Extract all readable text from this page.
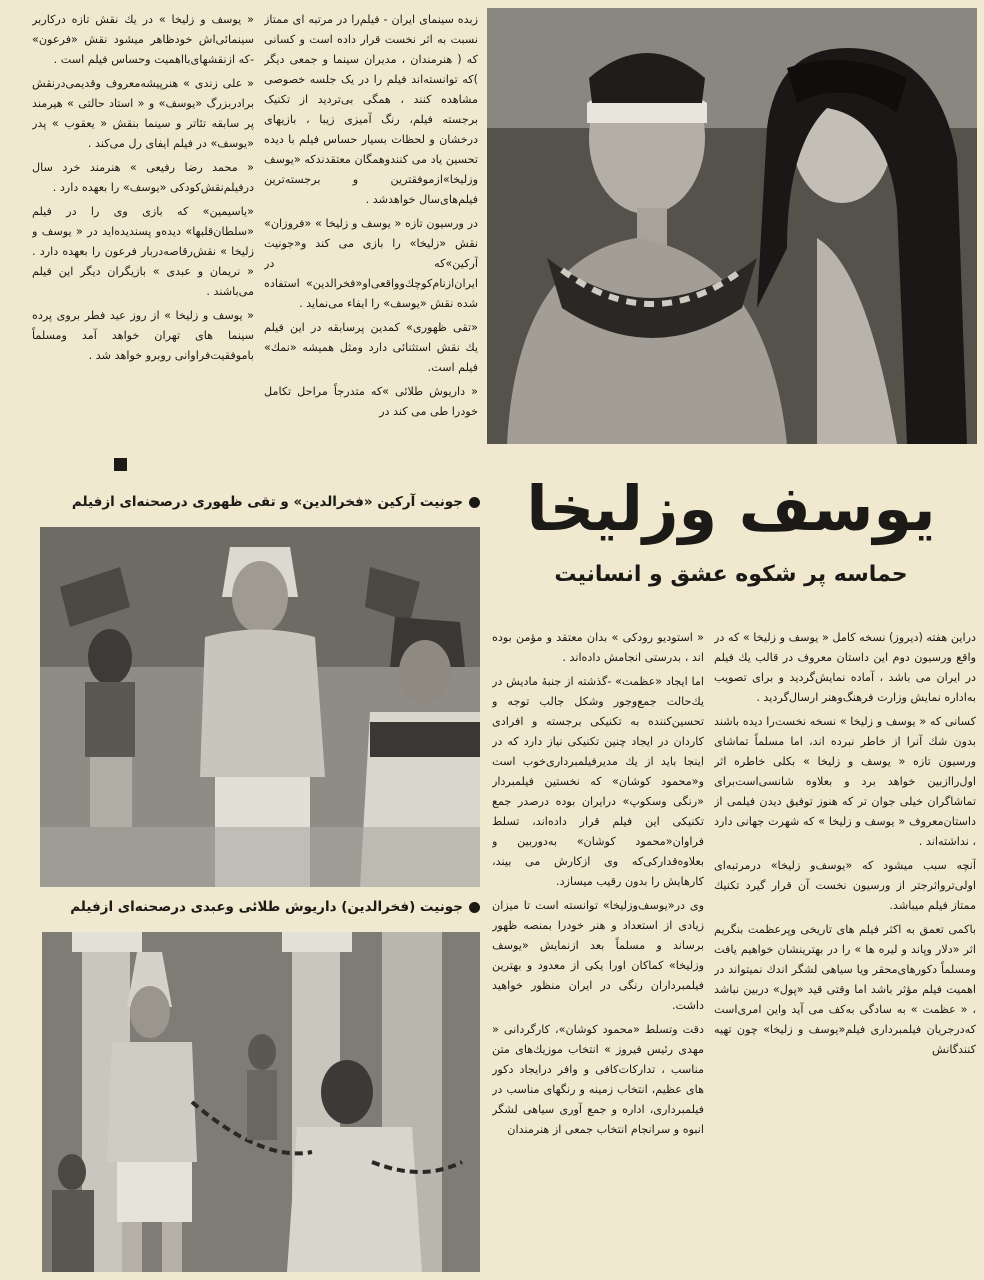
زبده سینمای ایران - فیلم‌را در مرتبه ای ممتاز نسبت به اثر نخست قرار داده است و کسانی که ( هنرمندان ، مدیران سینما و جمعی دیگر )که توانسته‌اند فیلم را در یک جلسه خصوصی مشاهده کنند ، همگی بی‌تردید از تکنیک برجسته فیلم، رنگ آمیزی زیبا ، بازیهای درخشان و لحظات بسیار حساس فیلم با دیده تحسین یاد می کنندوهمگان معتقدند‌که «یوسف وزلیخا»ازموفقترین و برجسته‌ترین فیلم‌های‌سال خواهدشد .

در ورسیون تازه « یوسف و زلیخا » «فروزان» نقش «زلیخا» را بازی می کند و«جونیت آرکین»که در ایران‌ازنام‌کوچك‌وواقعی‌او«فخرالدین» استفاده شده نقش «یوسف» را ایفاء می‌نماید .

«تقی ظهوری» کمدین پرسابقه در این فیلم یك نقش استثنائی دارد ومثل همیشه «نمك» فیلم است.

« داریوش طلائی »که متدرجاً مراحل تکامل خودرا طی می کند در

« یوسف و زلیخا » در یك نقش تازه دركاربر سینمائی‌اش خودظاهر میشود نقش «فرعون» -كه ازنقشهای‌با‌اهمیت وحساس فیلم است .

« علی زندی » هنرپیشه‌معروف وقدیمی‌در‌نقش برادربزرگ «یوسف» و « استاد حالتی » هیرمند پر سابقه تئاتر و سینما بنقش « یعقوب » پدر «یوسف» در فیلم ایفای رل می‌کند .

« محمد رضا رفیعی » هنرمند خرد سال درفیلم‌نقش‌کودکی «یوسف» را بعهده دارد .

«یاسیمین» که بازی وی را در فیلم «سلطان‌قلبها» دیده‌و پسندیده‌اید در « یوسف و زلیخا » نقش‌رقاصه‌دربار فرعون را بعهده دارد . « نریمان و عبدی » بازیگران دیگر این فیلم می‌باشند .

« یوسف و زلیخا » از روز عید فطر بروی پرده سینما های تهران خواهد آمد ومسلماً باموفقیت‌فراوانی روبرو خواهد شد .

یوسف وزلیخا
حماسه پر شکوه عشق و انسانیت
جونیت آرکین «فخرالدین» و تقی ظهوری درصحنه‌ای ازفیلم
جونیت (فخرالدین) داریوش طلائی وعبدی درصحنه‌ای ازفیلم

دراین هفته (دیروز) نسخه کامل « یوسف و زلیخا » که در واقع ورسیون دوم این داستان معروف در قالب یك فیلم در ایران می باشد ، آماده نمایش‌گردید و برای تصویب به‌اداره نمایش وزارت فرهنگ‌و‌هنر ارسال‌گردید .

کسانی که « یوسف و زلیخا » نسخه نخست‌را دیده باشند بدون شك آنرا از خاطر نبرده اند، اما مسلماً تماشای ورسیون تازه « یوسف و زلیخا » بکلی خاطره اثر اول‌را‌ازبین خواهد برد و بعلاوه شانسی‌است‌برای تماشاگران خیلی جوان تر که هنوز توفیق دیدن فیلمی از داستان‌معروف « یوسف و زلیخا » که شهرت جهانی دارد ، نداشته‌اند .

آنچه سبب میشود که «یوسف‌و زلیخا» درمرتبه‌ای اولی‌ترواثرجتر از ورسیون نخست آن قرار گیرد تکنیك ممتاز فیلم میباشد.

باکمی تعمق به اکثر فیلم های تاریخی وپرعظمت بنگریم اثر «دلار وپاند و لیره ها » را در بهترینشان خواهیم یافت ومسلماً دکورهای‌محقر ویا سیاهی لشگر اندك نمیتواند در اهمیت فیلم مؤثر باشد اما وقتی قید «پول» دربین نباشد ، « عظمت » به سادگی به‌کف می آید واین امری‌است که‌درجریان فیلمبرداری فیلم«یوسف و زلیخا» چون تهیه کنندگانش

« استودیو رودکی » بدان معتقد و مؤمن بوده اند ، بدرستی انجامش داده‌اند .

اما ایجاد «عظمت» -گذشته از جنبهٔ مادیش در یك‌حالت جمع‌وجور وشکل جالب توجه و تحسین‌کننده به تکنیکی برجسته و افرادی کاردان در ایجاد چنین تکنیکی نیاز دارد که در اینجا باید از یك مدیر‌فیلمبرداری‌خوب است و«محمود کوشان» که نخستین فیلمبردار «رنگی وسکوپ» درایران بوده درصدر جمع تکنیکی این فیلم قرار داده‌اند، تسلط فراوان«محمود کوشان» به‌دوربین و بعلاوه‌قدارکی‌که وی ازکارش می بیند، کارهایش را بدون رقیب میسازد.

وی در«یوسف‌وزلیخا» توانسته است تا میزان زیادی از استعداد و هنر خودرا بمنصه ظهور برساند و مسلماً بعد ازنمایش «یوسف وزلیخا» کماکان اورا یکی از معدود و بهترین فیلمبرداران رنگی در ایران منظور خواهید داشت.

دقت وتسلط «محمود کوشان»، کارگردانی « مهدی رئیس فیروز » انتخاب موزیك‌های متن مناسب ، تدارکات‌کافی و وافر درایجاد دکور های عظیم، انتخاب زمینه و رنگهای مناسب در فیلمبرداری، اداره و جمع آوری سیاهی لشگر انبوه و سرانجام انتخاب جمعی از هنرمندان
